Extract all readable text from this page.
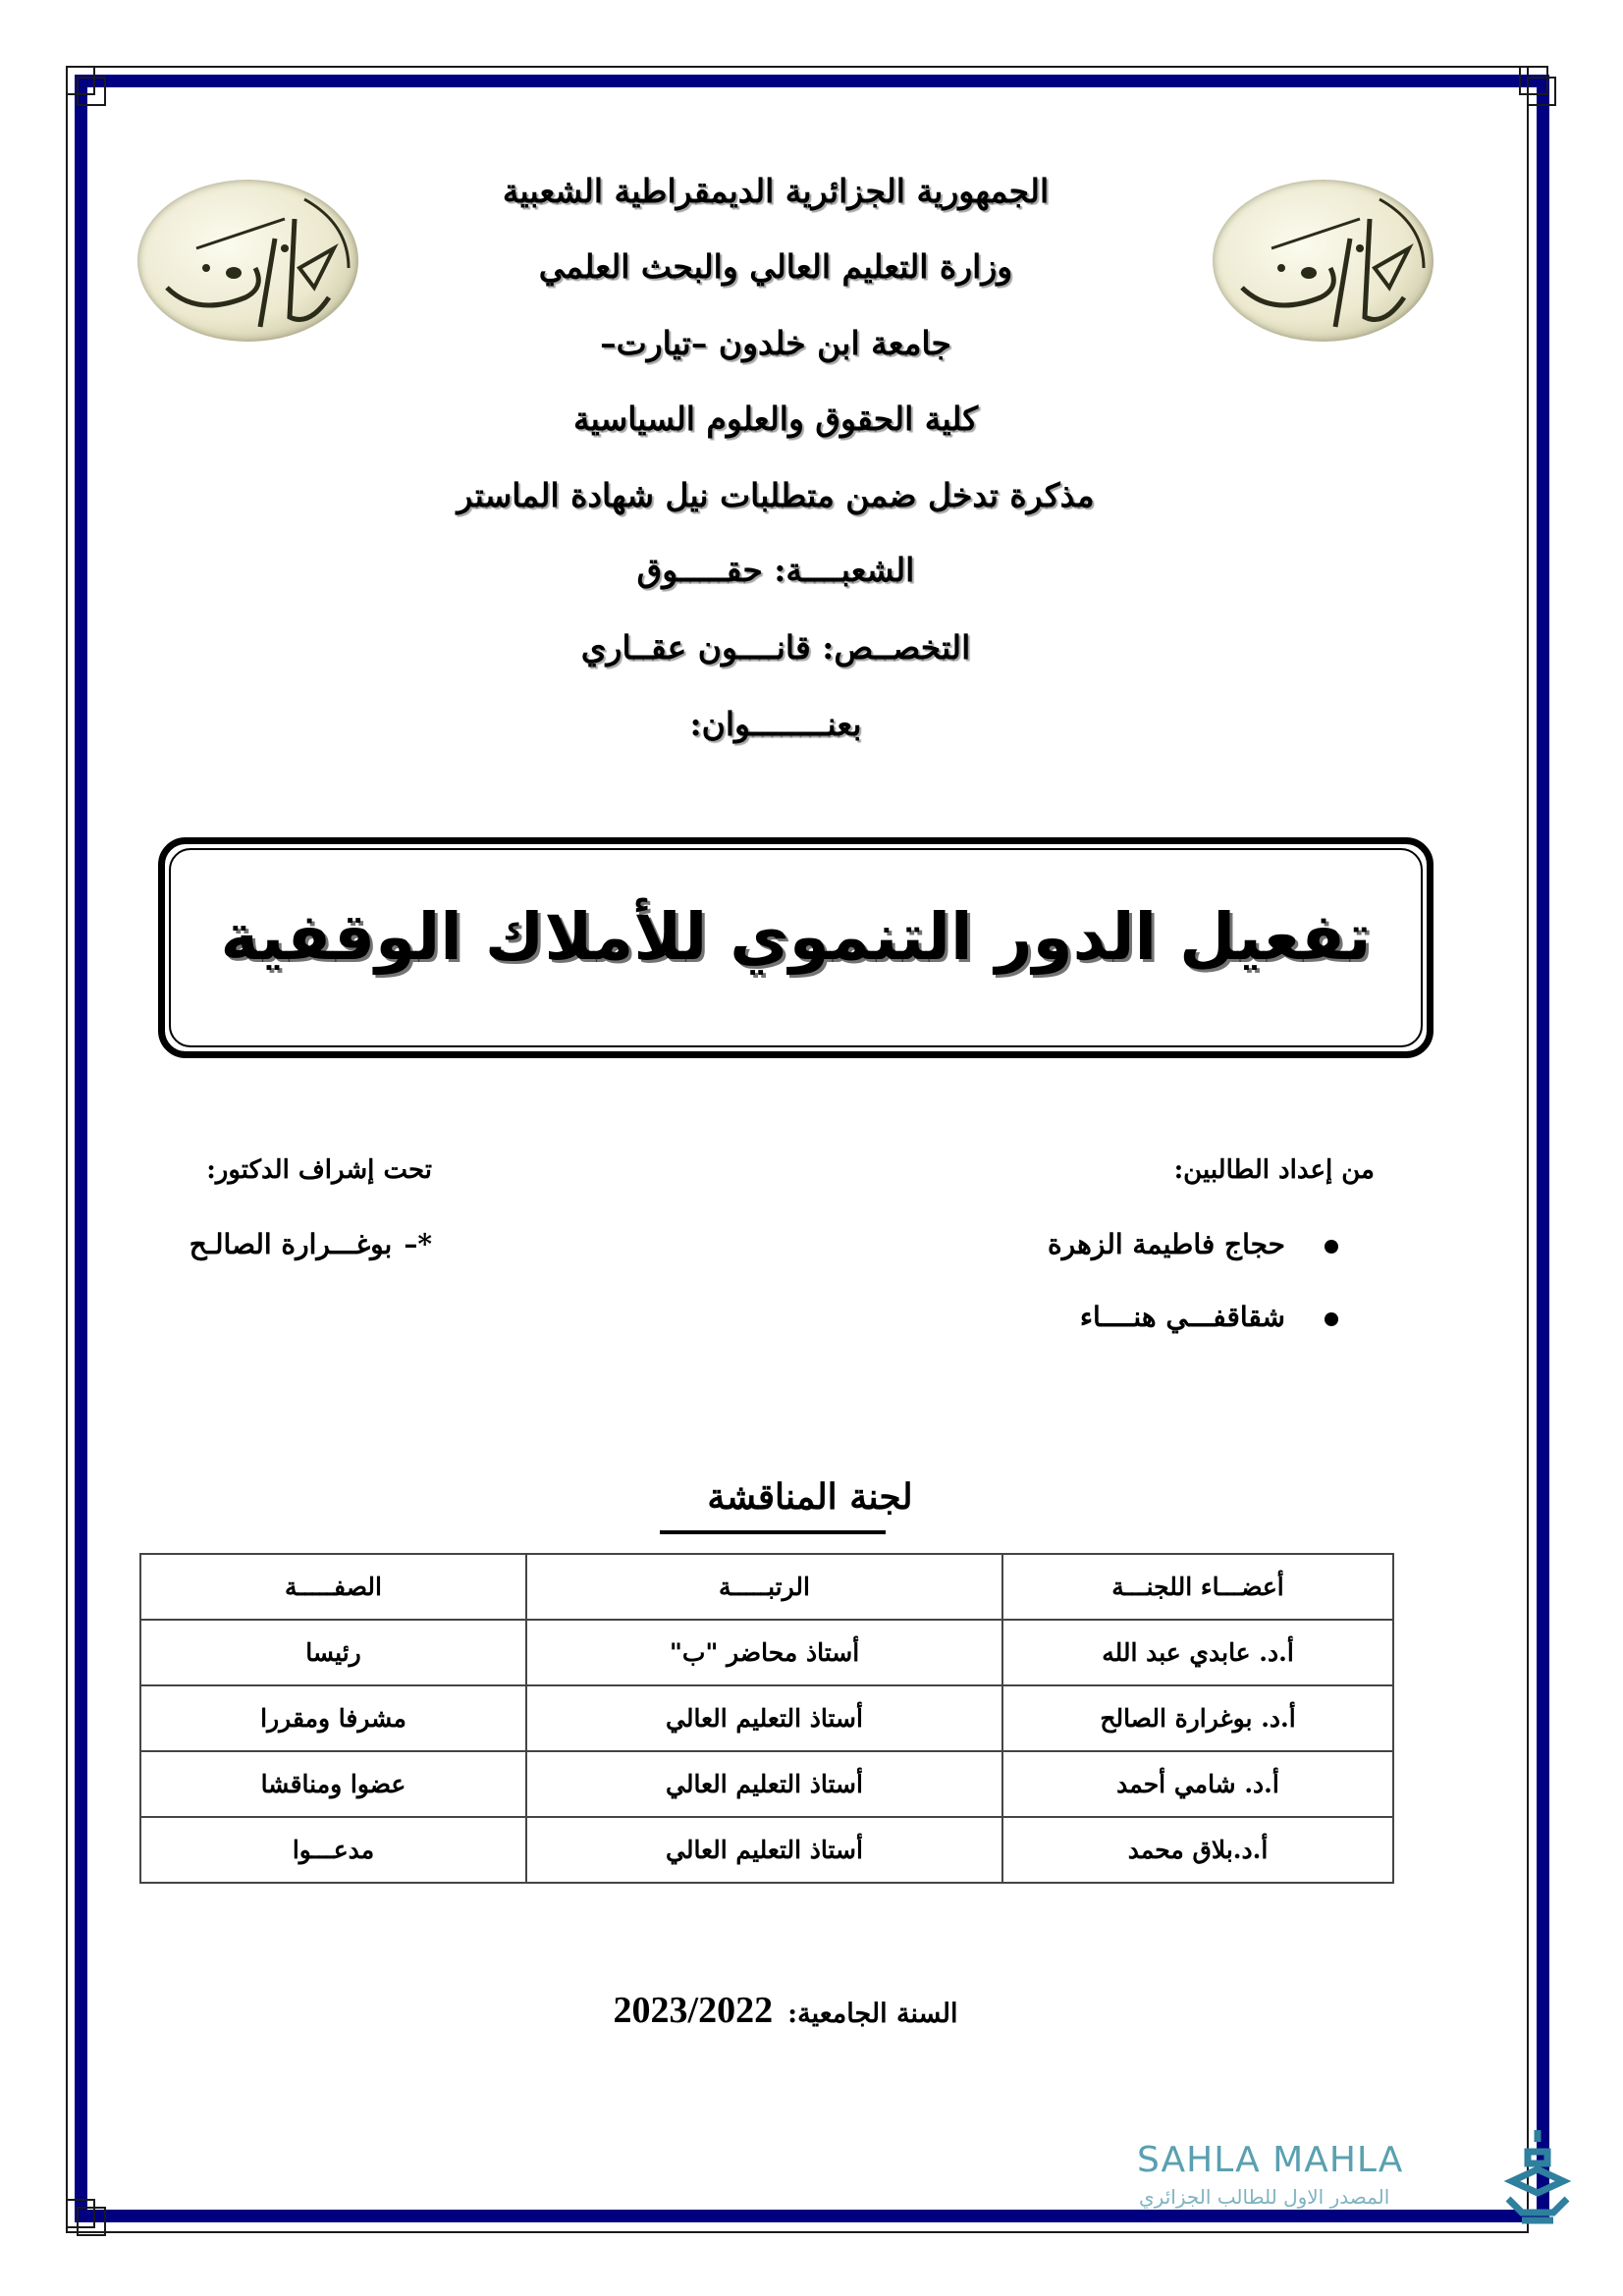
الجمهورية الجزائرية الديمقراطية الشعبية
وزارة التعليم العالي والبحث العلمي
جامعة ابن خلدون –تيارت–
كلية الحقوق والعلوم السياسية
مذكرة تدخل ضمن متطلبات نيل شهادة الماستر
الشعبــــة: حقـــــوق
التخصــص: قانــــون عقــاري
بعنــــــــوان:
تفعيل الدور التنموي للأملاك الوقفية
من إعداد الطالبين:
حجاج فاطيمة الزهرة
شقاقفـــي هنــــاء
تحت إشراف الدكتور:
*–بوغـــرارة الصالـح
لجنة المناقشة
أعضـــاء اللجنـــة	الرتبـــــة	الصفـــــة
أ.د. عابدي عبد الله	أستاذ محاضر "ب"	رئيسا
أ.د. بوغرارة الصالح	أستاذ التعليم العالي	مشرفا ومقررا
أ.د. شامي أحمد	أستاذ التعليم العالي	عضوا ومناقشا
أ.د.بلاق محمد	أستاذ التعليم العالي	مدعـــوا
السنة الجامعية: 2023/2022
SAHLA MAHLA
المصدر الاول للطالب الجزائري
